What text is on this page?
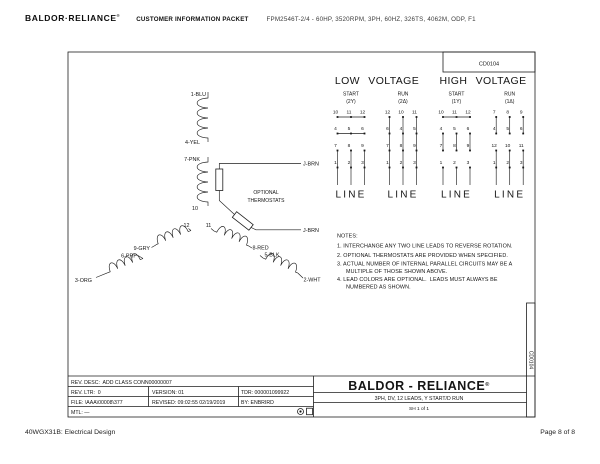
BALDOR·RELIANCE®
CUSTOMER INFORMATION PACKET	FPM2546T-2/4 - 60HP, 3520RPM, 3PH, 60HZ, 326TS, 4062M, ODP, F1
CD0104
CD0104
1-BLU
4-YEL
7-PNK
10
12
9-GRY
6-PRP
3-ORG
11
8-RED
5-BLK
2-WHT
J-BRN
J-BRN
OPTIONAL
THERMOSTATS
LOW VOLTAGE HIGH VOLTAGE
START
(2Y)
10 11 12
4 5 6
7 8 9
1 2 3
LINE
RUN
(2Δ)
12 10 11
6 4 5
7 8 9
1 2 3
LINE
START
(1Y)
10 11 12
4 5 6
7 8 9
1 2 3
LINE
RUN
(1Δ)
7 8 9
4 5 6
12 10 11
1 2 3
LINE
NOTES:
1. INTERCHANGE ANY TWO LINE LEADS TO REVERSE ROTATION.
2. OPTIONAL THERMOSTATS ARE PROVIDED WHEN SPECIFIED.
3. ACTUAL NUMBER OF INTERNAL PARALLEL CIRCUITS MAY BE A
MULTIPLE OF THOSE SHOWN ABOVE.
4. LEAD COLORS ARE OPTIONAL.  LEADS MUST ALWAYS BE
NUMBERED AS SHOWN.
REV. DESC:  ADD CLASS CONN00000007
REV. LTR:  0	VERSION: 01	TDR: 000001099922
FILE: \AAA\00008\377	REVISED: 09:02:55 02/19/2019	BY: ENBRIRD
MTL: —
BALDOR - RELIANCE®
3PH, DV, 12 LEADS, Y START/D RUN
SH 1 of 1
40WGX31B: Electrical Design	Page 8 of 8
